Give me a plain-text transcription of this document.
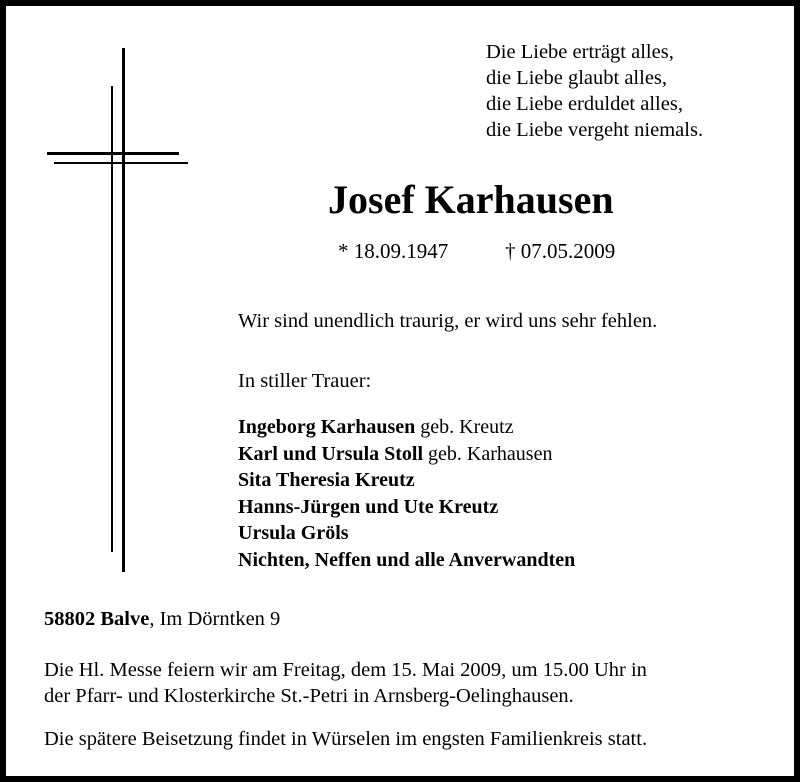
Die Liebe erträgt alles,
die Liebe glaubt alles,
die Liebe erduldet alles,
die Liebe vergeht niemals.
Josef Karhausen
* 18.09.1947	† 07.05.2009
Wir sind unendlich traurig, er wird uns sehr fehlen.
In stiller Trauer:
Ingeborg Karhausen geb. Kreutz
Karl und Ursula Stoll geb. Karhausen
Sita Theresia Kreutz
Hanns-Jürgen und Ute Kreutz
Ursula Gröls
Nichten, Neffen und alle Anverwandten
58802 Balve, Im Dörntken 9
Die Hl. Messe feiern wir am Freitag, dem 15. Mai 2009, um 15.00 Uhr in
der Pfarr- und Klosterkirche St.-Petri in Arnsberg-Oelinghausen.
Die spätere Beisetzung findet in Würselen im engsten Familienkreis statt.
